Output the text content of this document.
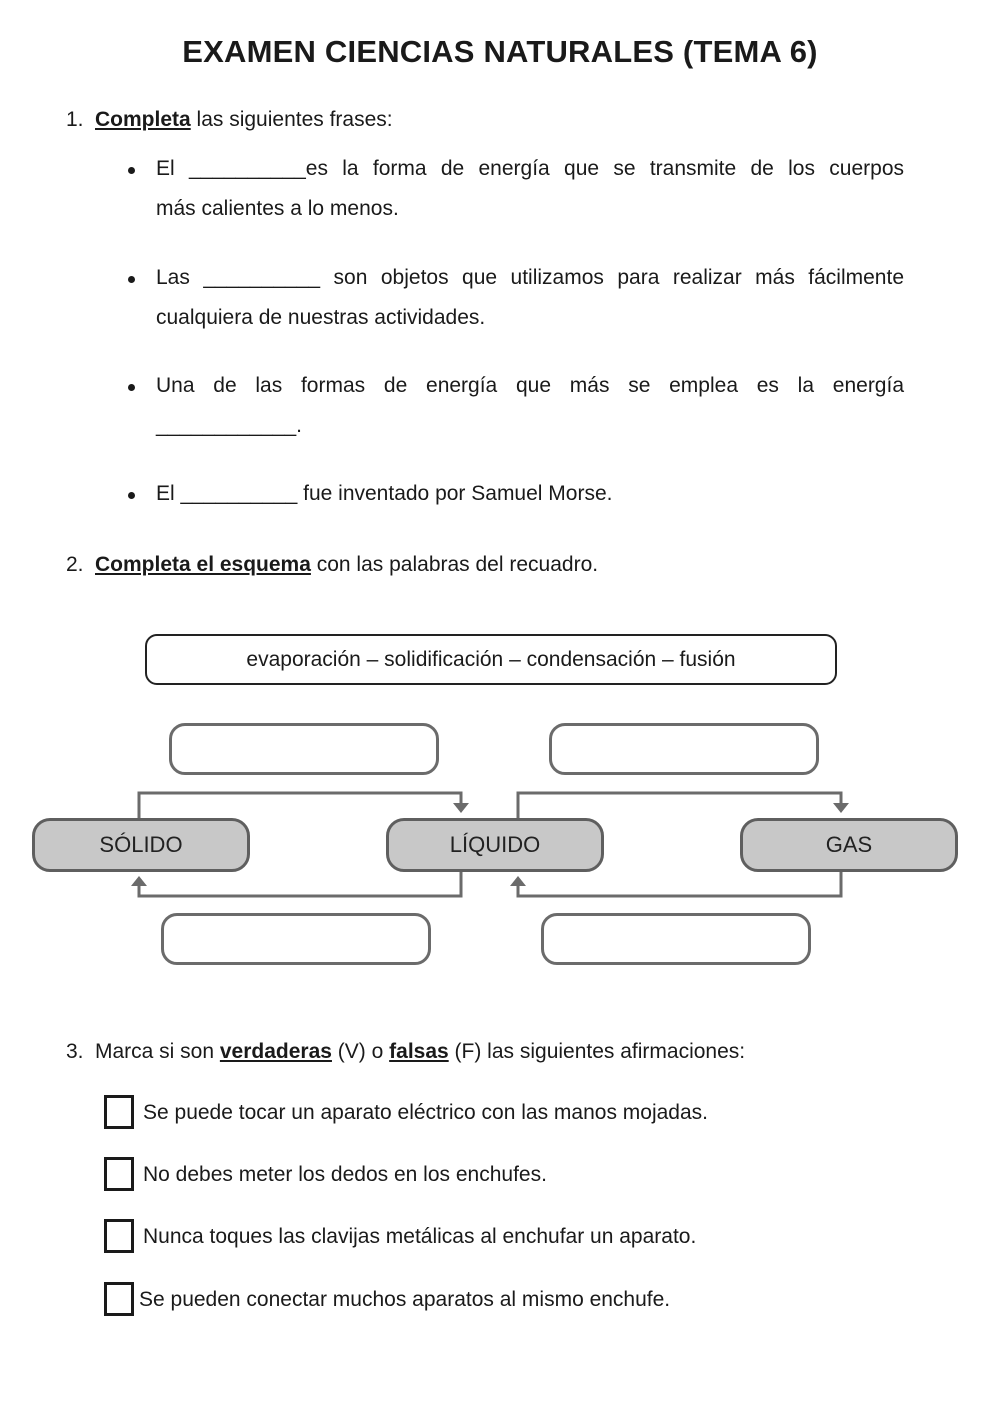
EXAMEN CIENCIAS NATURALES (TEMA 6)
1. Completa las siguientes frases:
El __________es la forma de energía que se transmite de los cuerpos
más calientes a lo menos.
Las __________ son objetos que utilizamos para realizar más fácilmente
cualquiera de nuestras actividades.
Una de las formas de energía que más se emplea es la energía
____________.
El __________ fue inventado por Samuel Morse.
2. Completa el esquema con las palabras del recuadro.
evaporación – solidificación – condensación – fusión
SÓLIDO	LÍQUIDO	GAS
3. Marca si son verdaderas (V) o falsas (F) las siguientes afirmaciones:
Se puede tocar un aparato eléctrico con las manos mojadas.
No debes meter los dedos en los enchufes.
Nunca toques las clavijas metálicas al enchufar un aparato.
Se pueden conectar muchos aparatos al mismo enchufe.
